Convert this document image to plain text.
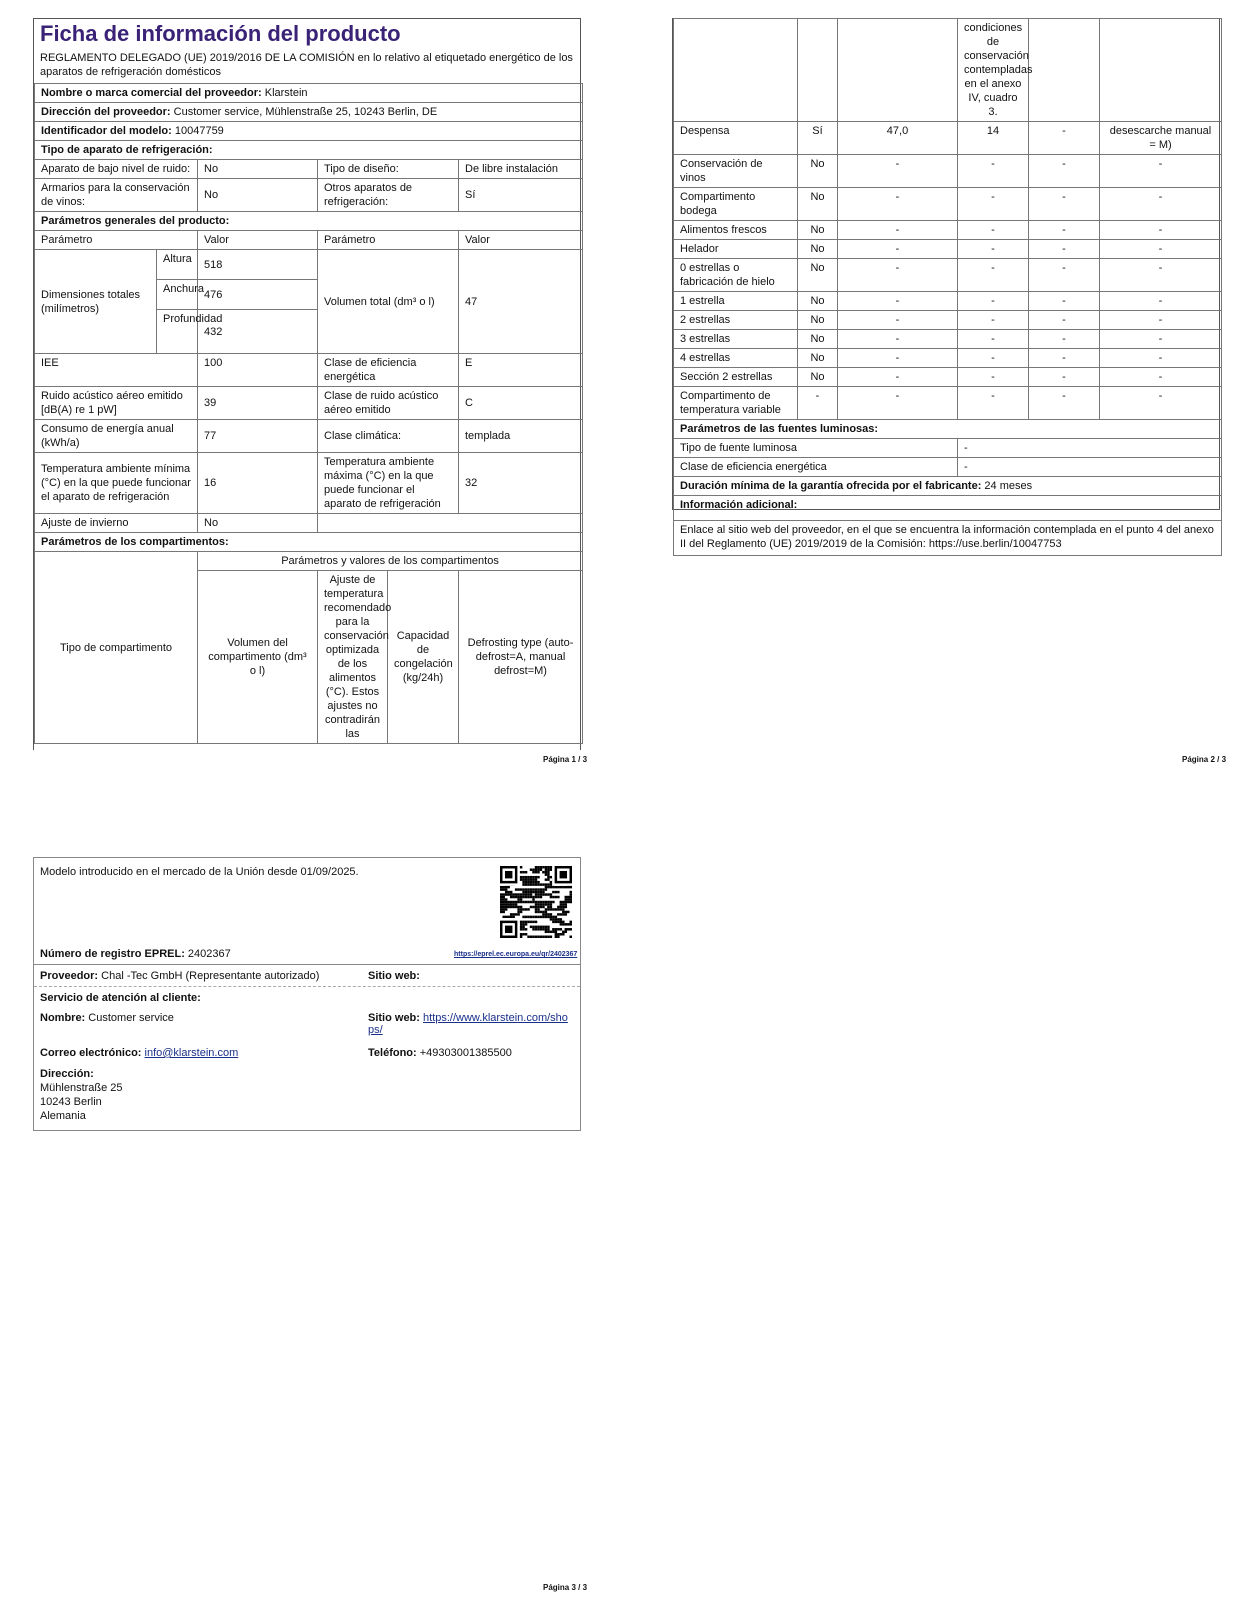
Ficha de información del producto
REGLAMENTO DELEGADO (UE) 2019/2016 DE LA COMISIÓN en lo relativo al etiquetado energético de los aparatos de refrigeración domésticos
Nombre o marca comercial del proveedor: Klarstein				
Dirección del proveedor: Customer service, Mühlenstraße 25, 10243 Berlin, DE				
Identificador del modelo: 10047759				
Tipo de aparato de refrigeración:				
Aparato de bajo nivel de ruido:		No	Tipo de diseño:	De libre instalación
Armarios para la conservación de vinos:		No	Otros aparatos de refrigeración:	Sí
Parámetros generales del producto:				
Parámetro		Valor	Parámetro	Valor
Dimensiones totales (milímetros)	Altura	518	Volumen total (dm³ o l)	47
	Anchura	476		
	Profundidad	432		
IEE		100	Clase de eficiencia energética	E
Ruido acústico aéreo emitido [dB(A) re 1 pW]		39	Clase de ruido acústico aéreo emitido	C
Consumo de energía anual (kWh/a)		77	Clase climática:	templada
Temperatura ambiente mínima (°C) en la que puede funcionar el aparato de refrigeración		16	Temperatura ambiente máxima (°C) en la que puede funcionar el aparato de refrigeración	32
Ajuste de invierno		No		
Parámetros de los compartimentos:				
Tipo de compartimento	Parámetros y valores de los compartimentos			
	Volumen del compartimento (dm³ o l)	Ajuste de temperatura recomendado para la conservación optimizada de los alimentos (°C). Estos ajustes no contradirán las	Capacidad de congelación (kg/24h)	Defrosting type (auto-defrost=A, manual defrost=M)
Página 1 / 3
			condiciones de conservación contempladas en el anexo IV, cuadro 3.		
Despensa	Sí	47,0	14	-	desescarche manual = M)
Conservación de vinos	No	-	-	-	-
Compartimento bodega	No	-	-	-	-
Alimentos frescos	No	-	-	-	-
Helador	No	-	-	-	-
0 estrellas o fabricación de hielo	No	-	-	-	-
1 estrella	No	-	-	-	-
2 estrellas	No	-	-	-	-
3 estrellas	No	-	-	-	-
4 estrellas	No	-	-	-	-
Sección 2 estrellas	No	-	-	-	-
Compartimento de temperatura variable	-	-	-	-	-
Parámetros de las fuentes luminosas:	
Tipo de fuente luminosa	-
Clase de eficiencia energética	-
Duración mínima de la garantía ofrecida por el fabricante: 24 meses	
Información adicional:	
Enlace al sitio web del proveedor, en el que se encuentra la información contemplada en el punto 4 del anexo II del Reglamento (UE) 2019/2019 de la Comisión: https://use.berlin/10047753	
Página 2 / 3
Modelo introducido en el mercado de la Unión desde 01/09/2025.
Número de registro EPREL: 2402367	https://eprel.ec.europa.eu/qr/2402367
Proveedor: Chal -Tec GmbH (Representante autorizado)	Sitio web:
Servicio de atención al cliente:
Nombre: Customer service	Sitio web: https://www.klarstein.com/shops/
Correo electrónico: info@klarstein.com	Teléfono: +49303001385500
Dirección:
Mühlenstraße 25
10243 Berlin
Alemania
Página 3 / 3
